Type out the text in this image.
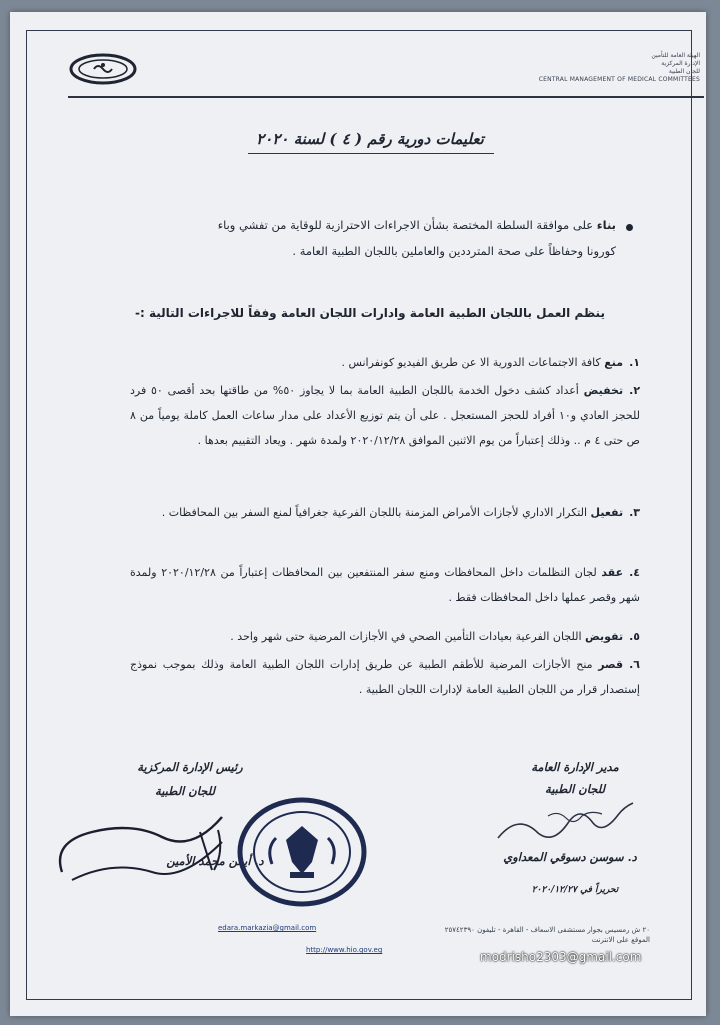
الهيئة العامة للتأمين
الإدارة المركزية
للجان الطبية
CENTRAL MANAGEMENT OF MEDICAL COMMITTEES
تعليمات دورية رقم ( ٤ ) لسنة ٢٠٢٠
بناء على موافقة السلطة المختصة بشأن الاجراءات الاحترازية للوقاية من تفشي وباء
كورونا وحفاظاً على صحة المترددين والعاملين باللجان الطبية العامة .
ينظم العمل باللجان الطبية العامة وادارات اللجان العامة وفقاً للاجراءات التالية :-
١.منع كافة الاجتماعات الدورية الا عن طريق الفيديو كونفرانس .
٢.تخفيض أعداد كشف دخول الخدمة باللجان الطبية العامة بما لا يجاوز ٥٠% من طاقتها بحد أقصى ٥٠ فرد للحجز العادي و١٠ أفراد للحجز المستعجل . على أن يتم توزيع الأعداد على مدار ساعات العمل كاملة يومياً من ٨ ص حتى ٤ م .. وذلك إعتباراً من يوم الاثنين الموافق ٢٠٢٠/١٢/٢٨ ولمدة شهر . ويعاد التقييم بعدها .
٣.تفعيل التكرار الاداري لأجازات الأمراض المزمنة باللجان الفرعية جغرافياً لمنع السفر بين المحافظات .
٤.عقد لجان التظلمات داخل المحافظات ومنع سفر المنتفعين بين المحافظات إعتباراً من ٢٠٢٠/١٢/٢٨ ولمدة شهر وقصر عملها داخل المحافظات فقط .
٥.تفويض اللجان الفرعية بعيادات التأمين الصحي في الأجازات المرضية حتى شهر واحد .
٦.قصر منح الأجازات المرضية للأطقم الطبية عن طريق إدارات اللجان الطبية العامة وذلك بموجب نموذج إستصدار قرار من اللجان الطبية العامة لإدارات اللجان الطبية .
مدير الإدارة العامة
للجان الطبية
د. سوسن دسوقي المعداوي
تحريراً في ٢٠٢٠/١٢/٢٧
رئيس الإدارة المركزية
للجان الطبية
د. أيمن محمد الأمين
٢٠ ش رمسيس بجوار مستشفى الاسعاف - القاهرة - تليفون ٢٥٧٤٢٣٩٠
الموقع على الانترنت
http://www.hio.gov.eg
edara.markazia@gmail.com
modrisho2303@gmail.com
